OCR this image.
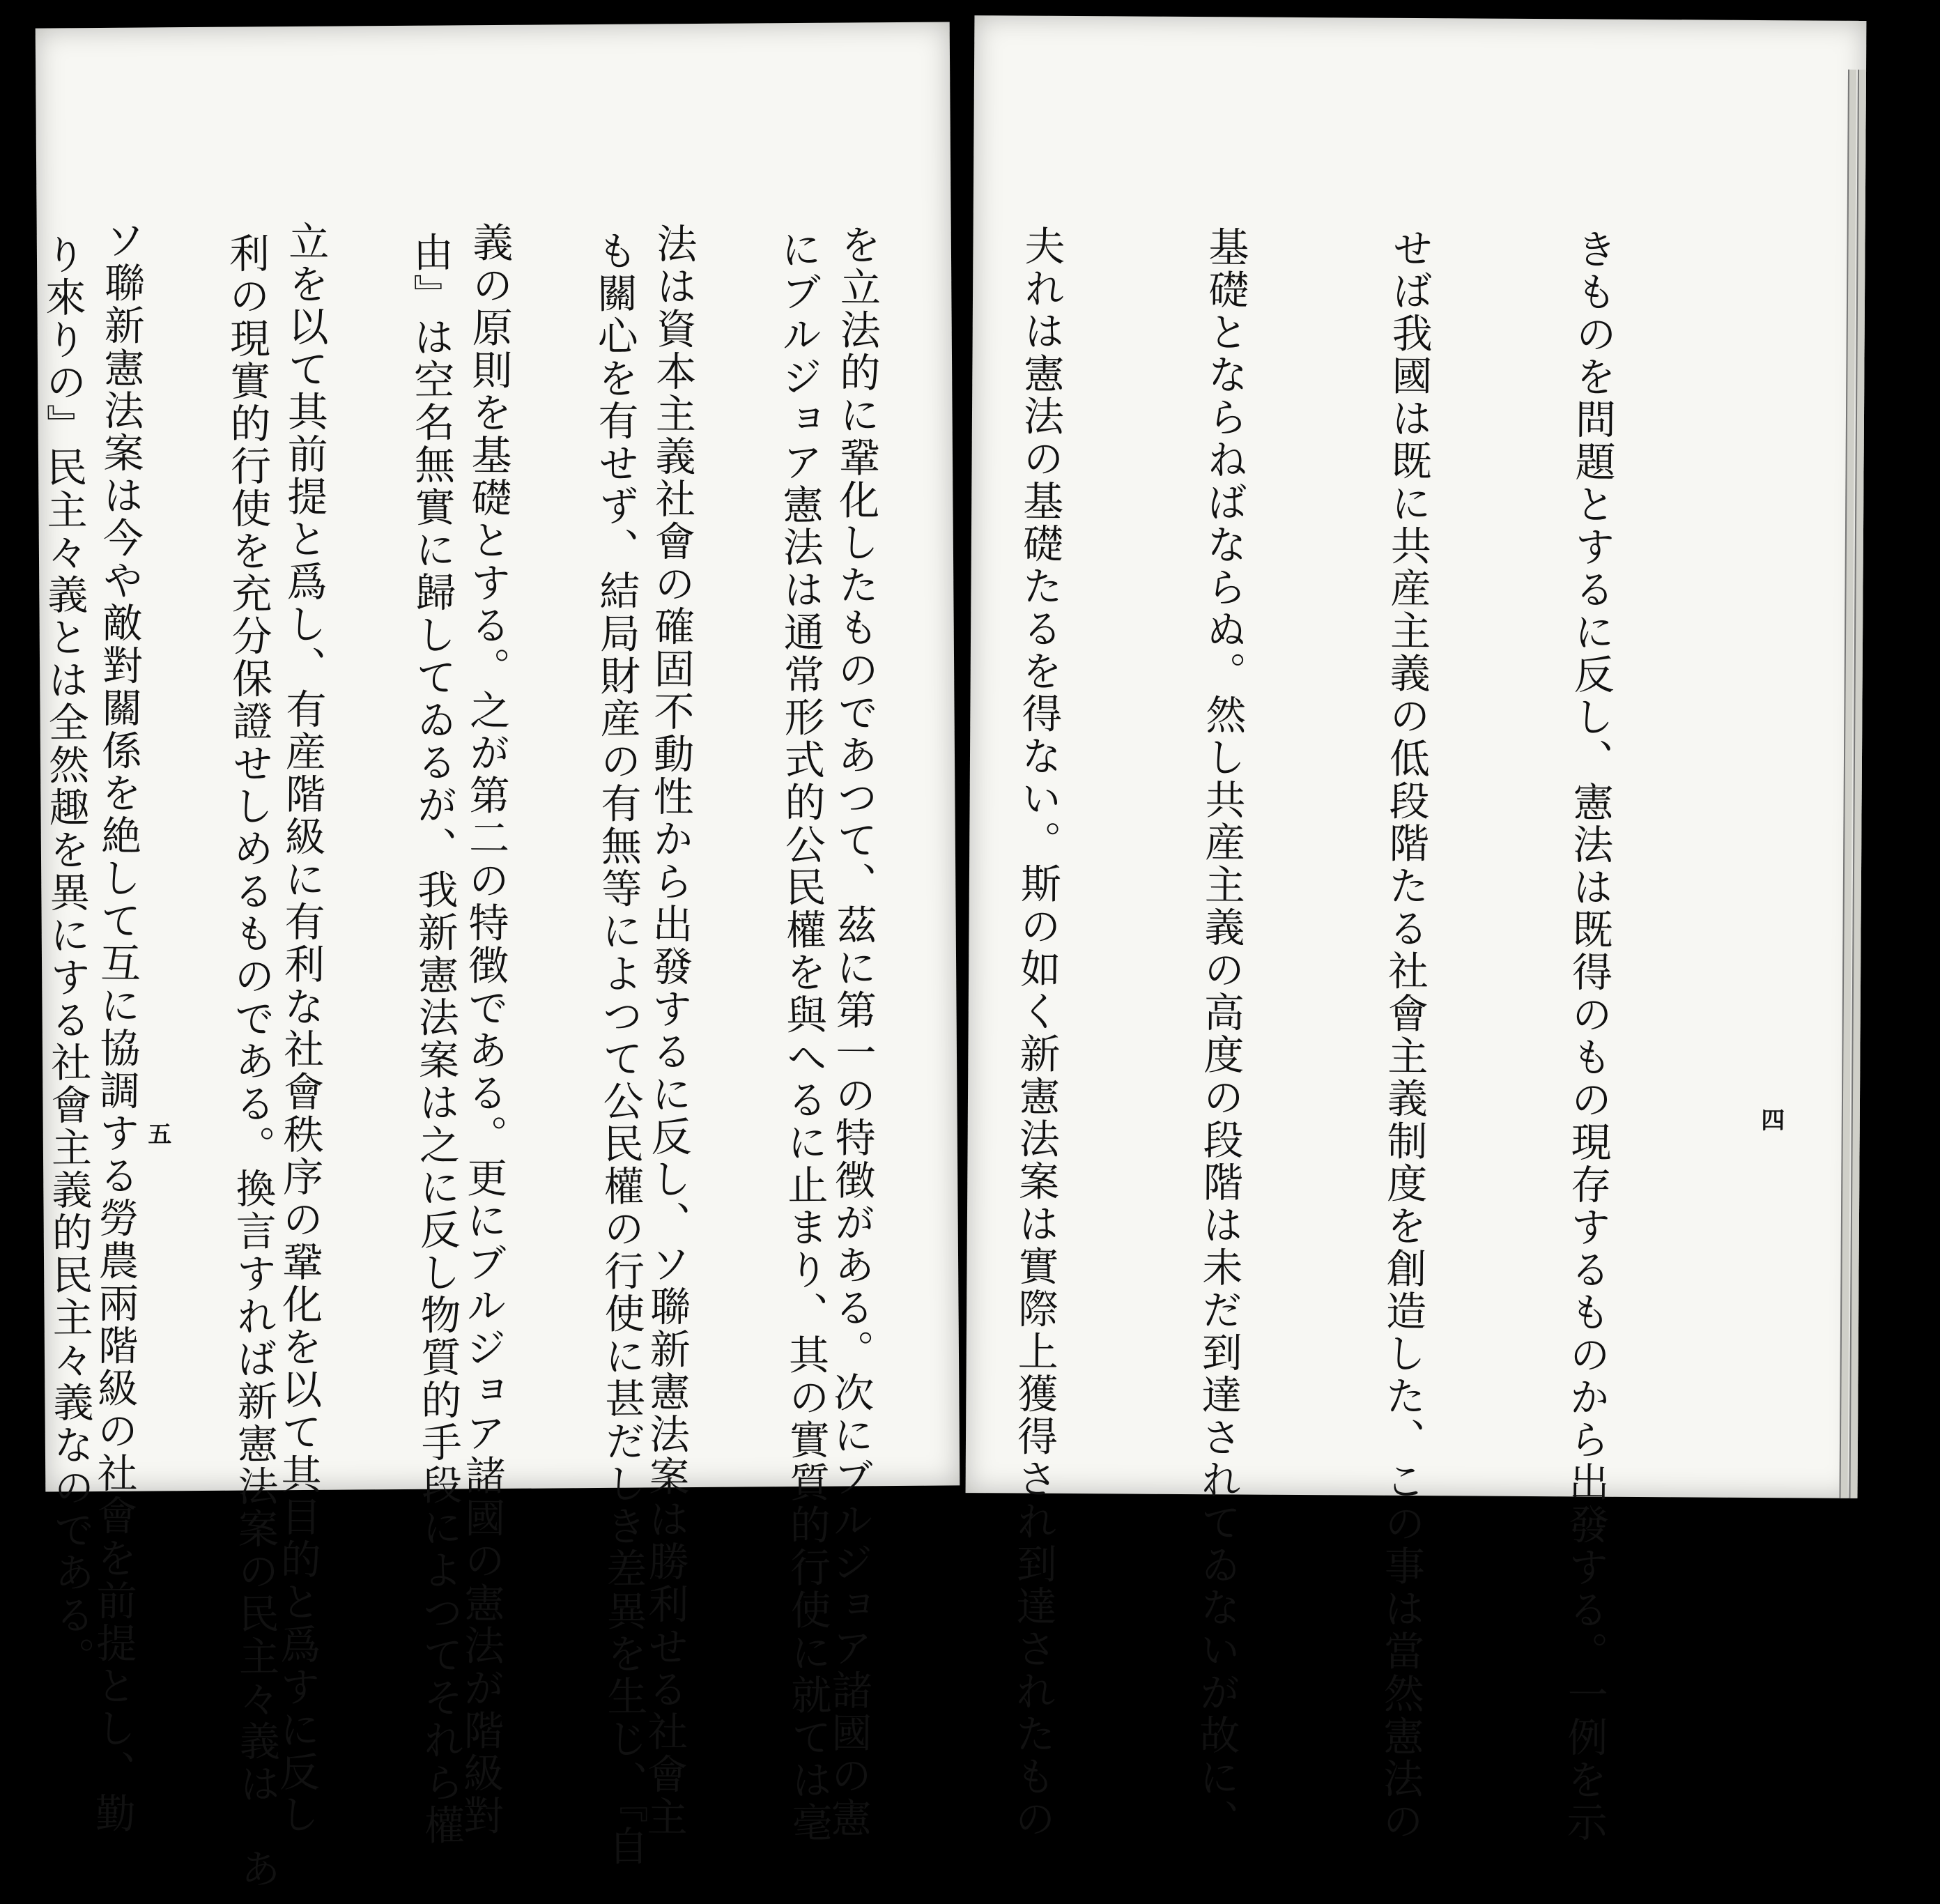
にブルジョア憲法は通常形式的公民權を與へるに止まり、其の實質的行使に就ては毫

も關心を有せず、結局財産の有無等によつて公民權の行使に甚だしき差異を生じ、『自

由』は空名無實に歸してゐるが、我新憲法案は之に反し物質的手段によつてそれら權

利の現實的行使を充分保證せしめるものである。換言すれば新憲法案の民主々義は　あ

り來りの』民主々義とは全然趣を異にする社會主義的民主々義なのである。

五

	きものを問題とするに反し、憲法は既得のもの現存するものから出發する。一例を示

せば我國は既に共産主義の低段階たる社會主義制度を創造した、この事は當然憲法の

基礎とならねばならぬ。然し共産主義の高度の段階は未だ到達されてゐないが故に、

夫れは憲法の基礎たるを得ない。斯の如く新憲法案は實際上獲得され到達されたもの

を立法的に鞏化したものであつて、茲に第一の特徴がある。次にブルジョア諸國の憲

法は資本主義社會の確固不動性から出發するに反し、ソ聯新憲法案は勝利せる社會主

義の原則を基礎とする。之が第二の特徴である。更にブルジョア諸國の憲法が階級對

立を以て其前提と爲し、有産階級に有利な社會秩序の鞏化を以て其目的と爲すに反し

ソ聯新憲法案は今や敵對關係を絶して互に協調する勞農兩階級の社會を前提とし、勤

	四
